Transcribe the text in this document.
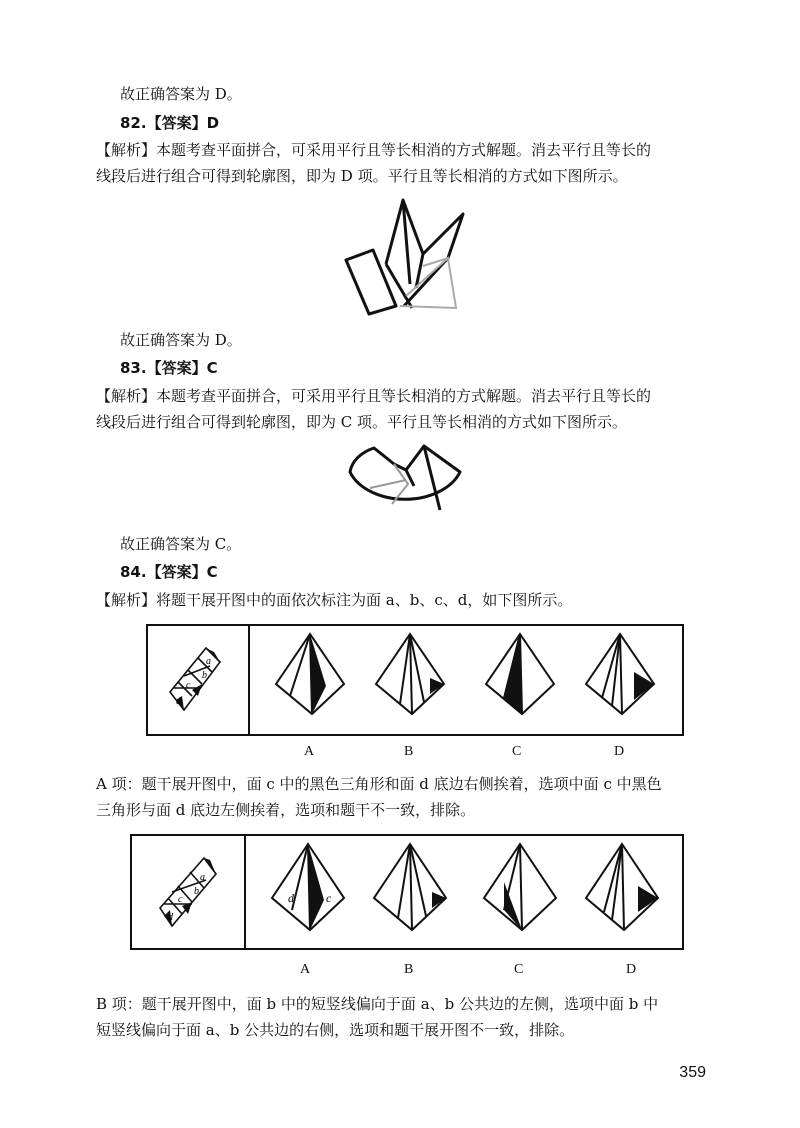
故正确答案为 D。
82.【答案】D
【解析】本题考查平面拼合，可采用平行且等长相消的方式解题。消去平行且等长的
线段后进行组合可得到轮廓图，即为 D 项。平行且等长相消的方式如下图所示。
故正确答案为 D。
83.【答案】C
【解析】本题考查平面拼合，可采用平行且等长相消的方式解题。消去平行且等长的
线段后进行组合可得到轮廓图，即为 C 项。平行且等长相消的方式如下图所示。
故正确答案为 C。
84.【答案】C
【解析】将题干展开图中的面依次标注为面 a、b、c、d，如下图所示。
a
b
c
d
A	B	C	D
A 项：题干展开图中，面 c 中的黑色三角形和面 d 底边右侧挨着，选项中面 c 中黑色
三角形与面 d 底边左侧挨着，选项和题干不一致，排除。
a
b
c
d
d	c
A	B	C	D
B 项：题干展开图中，面 b 中的短竖线偏向于面 a、b 公共边的左侧，选项中面 b 中
短竖线偏向于面 a、b 公共边的右侧，选项和题干展开图不一致，排除。
359
